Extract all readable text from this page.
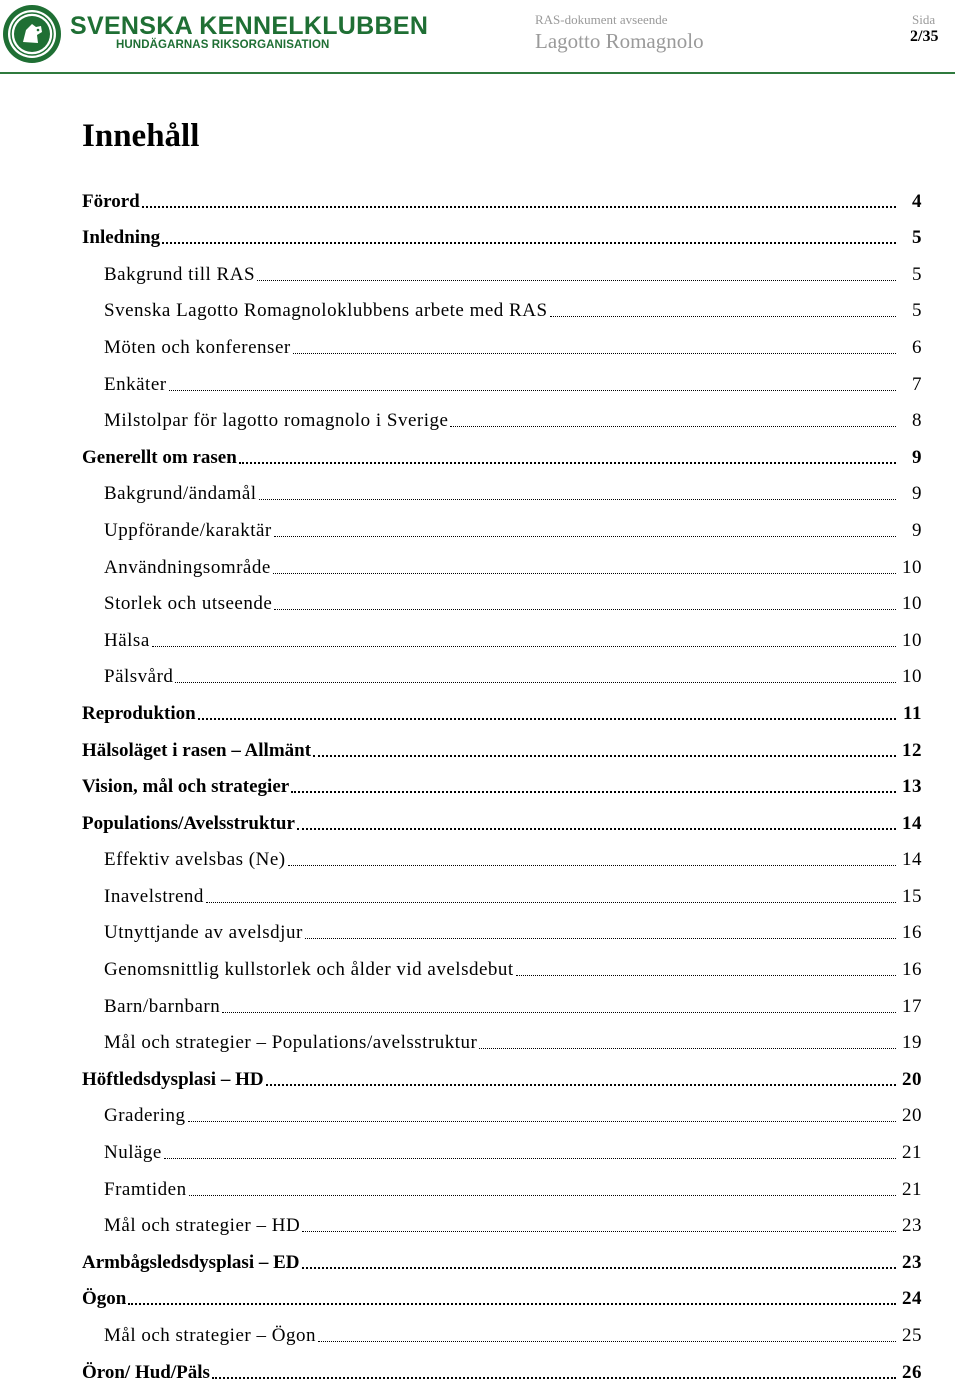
SVENSKA KENNELKLUBBEN
HUNDÄGARNAS RIKSORGANISATION
RAS-dokument avseende
Lagotto Romagnolo
Sida
2/35
Innehåll
Förord	4
Inledning	5
Bakgrund till RAS	5
Svenska Lagotto Romagnoloklubbens arbete med RAS	5
Möten och konferenser	6
Enkäter	7
Milstolpar för lagotto romagnolo i Sverige	8
Generellt om rasen	9
Bakgrund/ändamål	9
Uppförande/karaktär	9
Användningsområde	10
Storlek och utseende	10
Hälsa	10
Pälsvård	10
Reproduktion	11
Hälsoläget i rasen – Allmänt	12
Vision, mål och strategier	13
Populations/Avelsstruktur	14
Effektiv avelsbas (Ne)	14
Inavelstrend	15
Utnyttjande av avelsdjur	16
Genomsnittlig kullstorlek och ålder vid avelsdebut	16
Barn/barnbarn	17
Mål och strategier – Populations/avelsstruktur	19
Höftledsdysplasi – HD	20
Gradering	20
Nuläge	21
Framtiden	21
Mål och strategier – HD	23
Armbågsledsdysplasi – ED	23
Ögon	24
Mål och strategier – Ögon	25
Öron/ Hud/Päls	26
